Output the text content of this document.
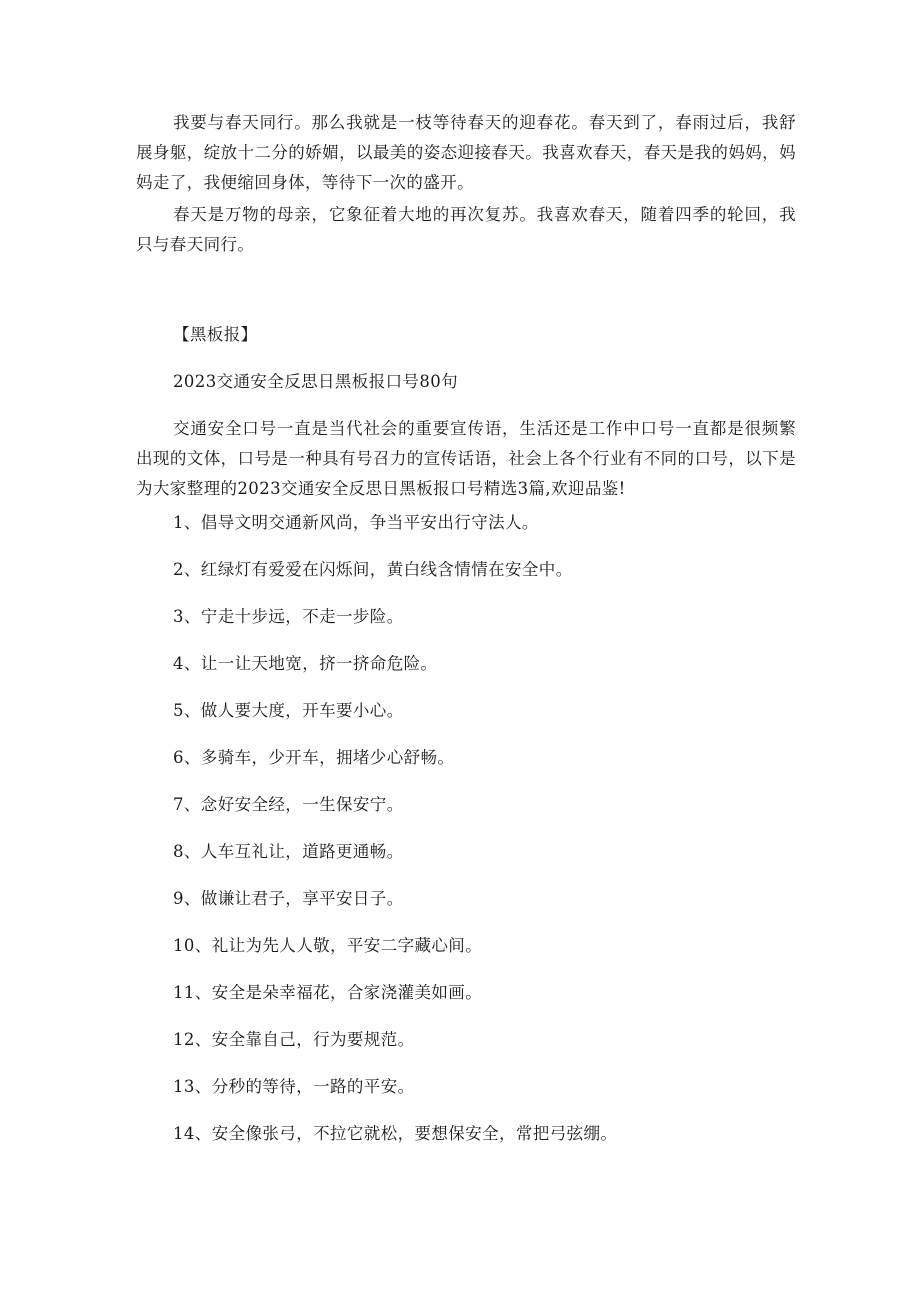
我要与春天同行。那么我就是一枝等待春天的迎春花。春天到了，春雨过后，我舒展身躯，绽放十二分的娇媚，以最美的姿态迎接春天。我喜欢春天，春天是我的妈妈，妈妈走了，我便缩回身体，等待下一次的盛开。

春天是万物的母亲，它象征着大地的再次复苏。我喜欢春天，随着四季的轮回，我只与春天同行。

【黑板报】

2023交通安全反思日黑板报口号80句

交通安全口号一直是当代社会的重要宣传语，生活还是工作中口号一直都是很频繁出现的文体，口号是一种具有号召力的宣传话语，社会上各个行业有不同的口号，以下是为大家整理的2023交通安全反思日黑板报口号精选3篇,欢迎品鉴!

1、倡导文明交通新风尚，争当平安出行守法人。
2、红绿灯有爱爱在闪烁间，黄白线含情情在安全中。
3、宁走十步远，不走一步险。
4、让一让天地宽，挤一挤命危险。
5、做人要大度，开车要小心。
6、多骑车，少开车，拥堵少心舒畅。
7、念好安全经，一生保安宁。
8、人车互礼让，道路更通畅。
9、做谦让君子，享平安日子。
10、礼让为先人人敬，平安二字藏心间。
11、安全是朵幸福花，合家浇灌美如画。
12、安全靠自己，行为要规范。
13、分秒的等待，一路的平安。
14、安全像张弓，不拉它就松，要想保安全，常把弓弦绷。
